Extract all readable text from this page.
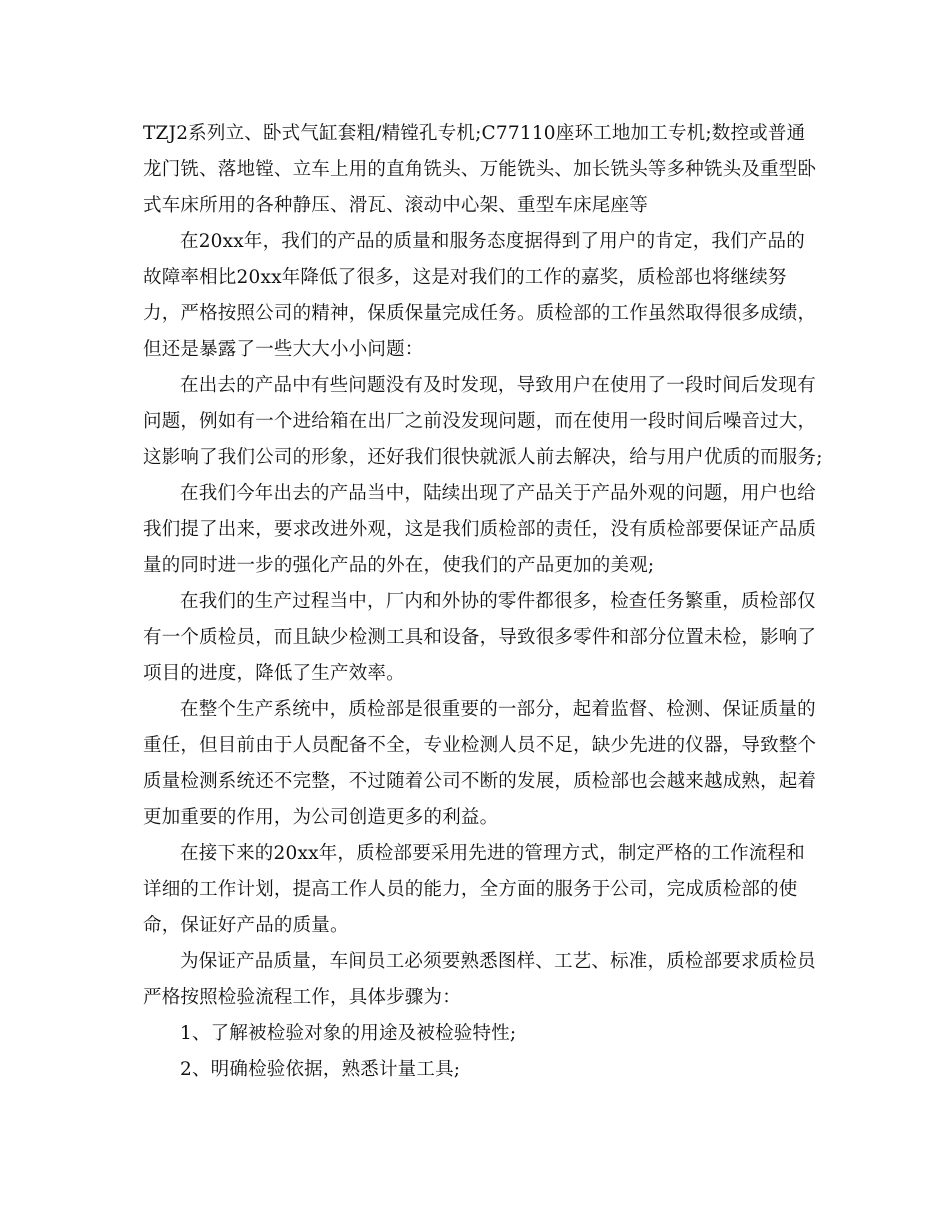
TZJ2系列立、卧式气缸套粗/精镗孔专机;C77110座环工地加工专机;数控或普通龙门铣、落地镗、立车上用的直角铣头、万能铣头、加长铣头等多种铣头及重型卧式车床所用的各种静压、滑瓦、滚动中心架、重型车床尾座等

在20xx年，我们的产品的质量和服务态度据得到了用户的肯定，我们产品的故障率相比20xx年降低了很多，这是对我们的工作的嘉奖，质检部也将继续努力，严格按照公司的精神，保质保量完成任务。质检部的工作虽然取得很多成绩，但还是暴露了一些大大小小问题：

在出去的产品中有些问题没有及时发现，导致用户在使用了一段时间后发现有问题，例如有一个进给箱在出厂之前没发现问题，而在使用一段时间后噪音过大，这影响了我们公司的形象，还好我们很快就派人前去解决，给与用户优质的而服务;

在我们今年出去的产品当中，陆续出现了产品关于产品外观的问题，用户也给我们提了出来，要求改进外观，这是我们质检部的责任，没有质检部要保证产品质量的同时进一步的强化产品的外在，使我们的产品更加的美观;

在我们的生产过程当中，厂内和外协的零件都很多，检查任务繁重，质检部仅有一个质检员，而且缺少检测工具和设备，导致很多零件和部分位置未检，影响了项目的进度，降低了生产效率。

在整个生产系统中，质检部是很重要的一部分，起着监督、检测、保证质量的重任，但目前由于人员配备不全，专业检测人员不足，缺少先进的仪器，导致整个质量检测系统还不完整，不过随着公司不断的发展，质检部也会越来越成熟，起着更加重要的作用，为公司创造更多的利益。

在接下来的20xx年，质检部要采用先进的管理方式，制定严格的工作流程和详细的工作计划，提高工作人员的能力，全方面的服务于公司，完成质检部的使命，保证好产品的质量。

为保证产品质量，车间员工必须要熟悉图样、工艺、标准，质检部要求质检员严格按照检验流程工作，具体步骤为：

1、了解被检验对象的用途及被检验特性;

2、明确检验依据，熟悉计量工具;
